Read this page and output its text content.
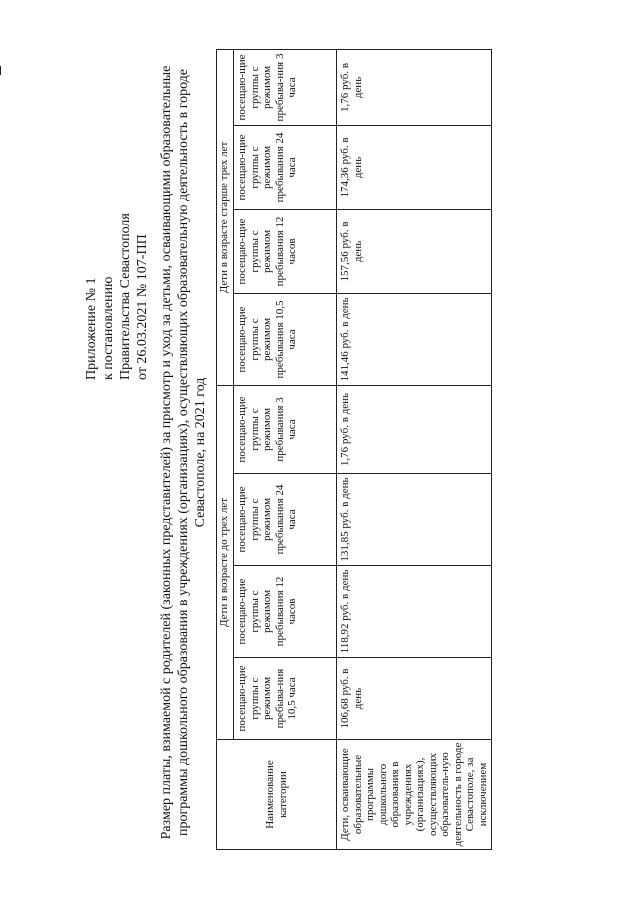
Приложение № 1 к постановлению Правительства Севастополя от 26.03.2021 № 107-ПП Размер платы, взимаемой с родителей (законных представителей) за присмотр и уход за детьми, осваивающими образовательные программы дошкольного образования в учреждениях (организациях), осуществляющих образовательную деятельность в городе Севастополе, на 2021 год
Наименование категории	Дети в возрасте до трех лет				Дети в возрасте старше трех лет			
	посещаю-щие группы с режимом пребыва-ния 10,5 часа	посещаю-щие группы с режимом пребывания 12 часов	посещаю-щие группы с режимом пребывания 24 часа	посещаю-щие группы с режимом пребывания 3 часа	посещаю-щие группы с режимом пребывания 10,5 часа	посещаю-щие группы с режимом пребывания 12 часов	посещаю-щие группы с режимом пребывания 24 часа	посещаю-щие группы с режимом пребыва-ния 3 часа
Дети, осваивающие образовательные программы дошкольного образования в учреждениях (организациях), осуществляющих образователь-ную деятельность в городе Севастополе, за исключением	106,68 руб. в день	118,92 руб. в день	131,85 руб. в день	1,76 руб. в день	141,46 руб. в день	157,56 руб. в день	174,36 руб. в день	1,76 руб. в день
